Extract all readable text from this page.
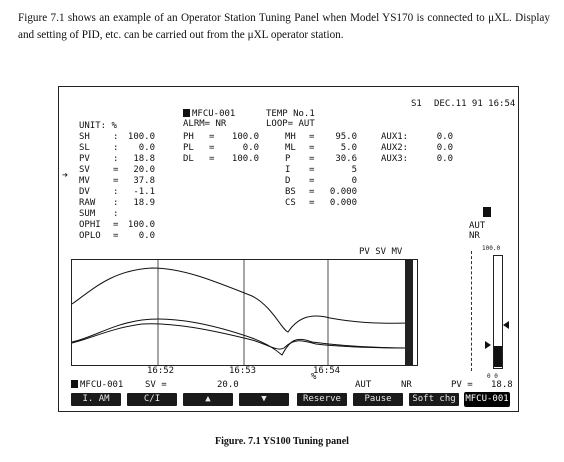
Figure 7.1 shows an example of an Operator Station Tuning Panel when Model YS170 is connected to μXL. Display and setting of PID, etc. can be carried out from the μXL operator station.
S1 DEC.11 91 16:54
MFCU-001	TEMP No.1
ALRM= NR	LOOP= AUT
UNIT: %
SH	: 100.0
SL	: 0.0
PV	: 18.8
SV	= 20.0
MV	= 37.8
DV	: -1.1
RAW : 18.9
SUM :
OPHI = 100.0
OPLO = 0.0
PH = 100.0
PL =	0.0
DL = 100.0
MH = 95.0
ML =	5.0
P = 30.6
I =	5
D =	0
BS = 0.000
CS = 0.000
AUX1:	0.0
AUX2:	0.0
AUX3:	0.0
➔
PV SV MV
16:52	16:53	16:54
AUT
NR
100.0
0 0
MFCU-001 SV =	20.0
%
AUT	NR	PV = 18.8
I. AM	C/I	▲	▼	Reserve	Pause	Soft chg	MFCU-001
Figure. 7.1 YS100 Tuning panel
